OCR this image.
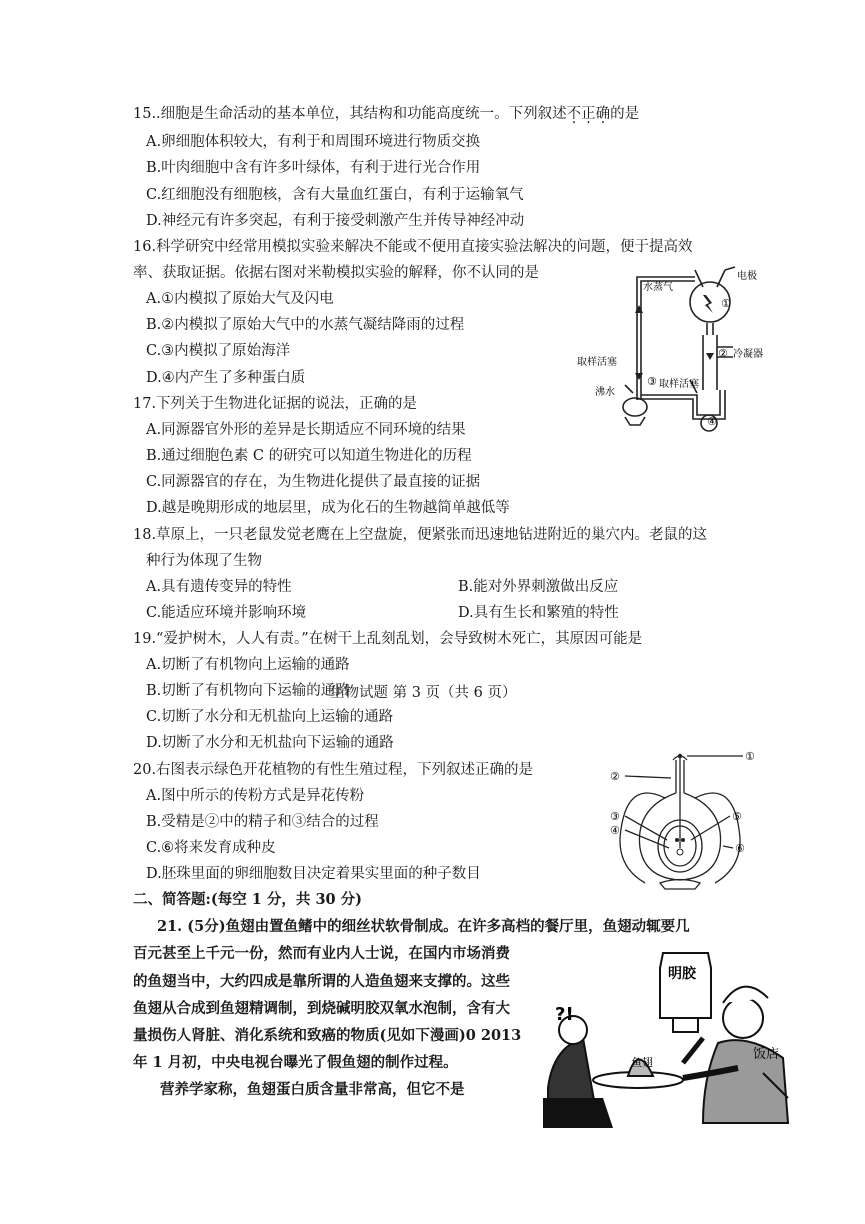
15..细胞是生命活动的基本单位，其结构和功能高度统一。下列叙述不正确的是
A.卵细胞体积较大，有利于和周围环境进行物质交换
B.叶肉细胞中含有许多叶绿体，有利于进行光合作用
C.红细胞没有细胞核，含有大量血红蛋白，有利于运输氧气
D.神经元有许多突起，有利于接受刺激产生并传导神经冲动
16.科学研究中经常用模拟实验来解决不能或不便用直接实验法解决的问题，便于提高效
率、获取证据。依据右图对米勒模拟实验的解释，你不认同的是
A.①内模拟了原始大气及闪电
B.②内模拟了原始大气中的水蒸气凝结降雨的过程
C.③内模拟了原始海洋
D.④内产生了多种蛋白质
水蒸气
电极
①
② 冷凝器
取样活塞
③ 取样活塞
沸水
④
17.下列关于生物进化证据的说法，正确的是
A.同源器官外形的差异是长期适应不同环境的结果
B.通过细胞色素 C 的研究可以知道生物进化的历程
C.同源器官的存在，为生物进化提供了最直接的证据
D.越是晚期形成的地层里，成为化石的生物越简单越低等
18.草原上，一只老鼠发觉老鹰在上空盘旋，便紧张而迅速地钻进附近的巢穴内。老鼠的这
种行为体现了生物
A.具有遗传变异的特性	B.能对外界刺激做出反应
C.能适应环境并影响环境	D.具有生长和繁殖的特性
19.“爱护树木，人人有责。”在树干上乱刻乱划，会导致树木死亡，其原因可能是
A.切断了有机物向上运输的通路
B.切断了有机物向下运输的通路
生物试题 第 3 页（共 6 页）
C.切断了水分和无机盐向上运输的通路
D.切断了水分和无机盐向下运输的通路
20.右图表示绿色开花植物的有性生殖过程，下列叙述正确的是
A.图中所示的传粉方式是异花传粉
B.受精是②中的精子和③结合的过程
C.⑥将来发育成种皮
D.胚珠里面的卵细胞数目决定着果实里面的种子数目
①
②
③
④
⑤
⑥
二、简答题:(每空 1 分，共 30 分)
21. (5分)鱼翅由置鱼鳍中的细丝状软骨制成。在许多高档的餐厅里，鱼翅动辄要几
百元甚至上千元一份，然而有业内人士说，在国内市场消费
的鱼翅当中，大约四成是靠所谓的人造鱼翅来支撑的。这些
鱼翅从合成到鱼翅精调制，到烧碱明胶双氧水泡制，含有大
量损伤人肾脏、消化系统和致癌的物质(见如下漫画)0 2013
年 1 月初，中央电视台曝光了假鱼翅的制作过程。
营养学家称，鱼翅蛋白质含量非常高，但它不是
明胶
饭店
鱼翅
?!
